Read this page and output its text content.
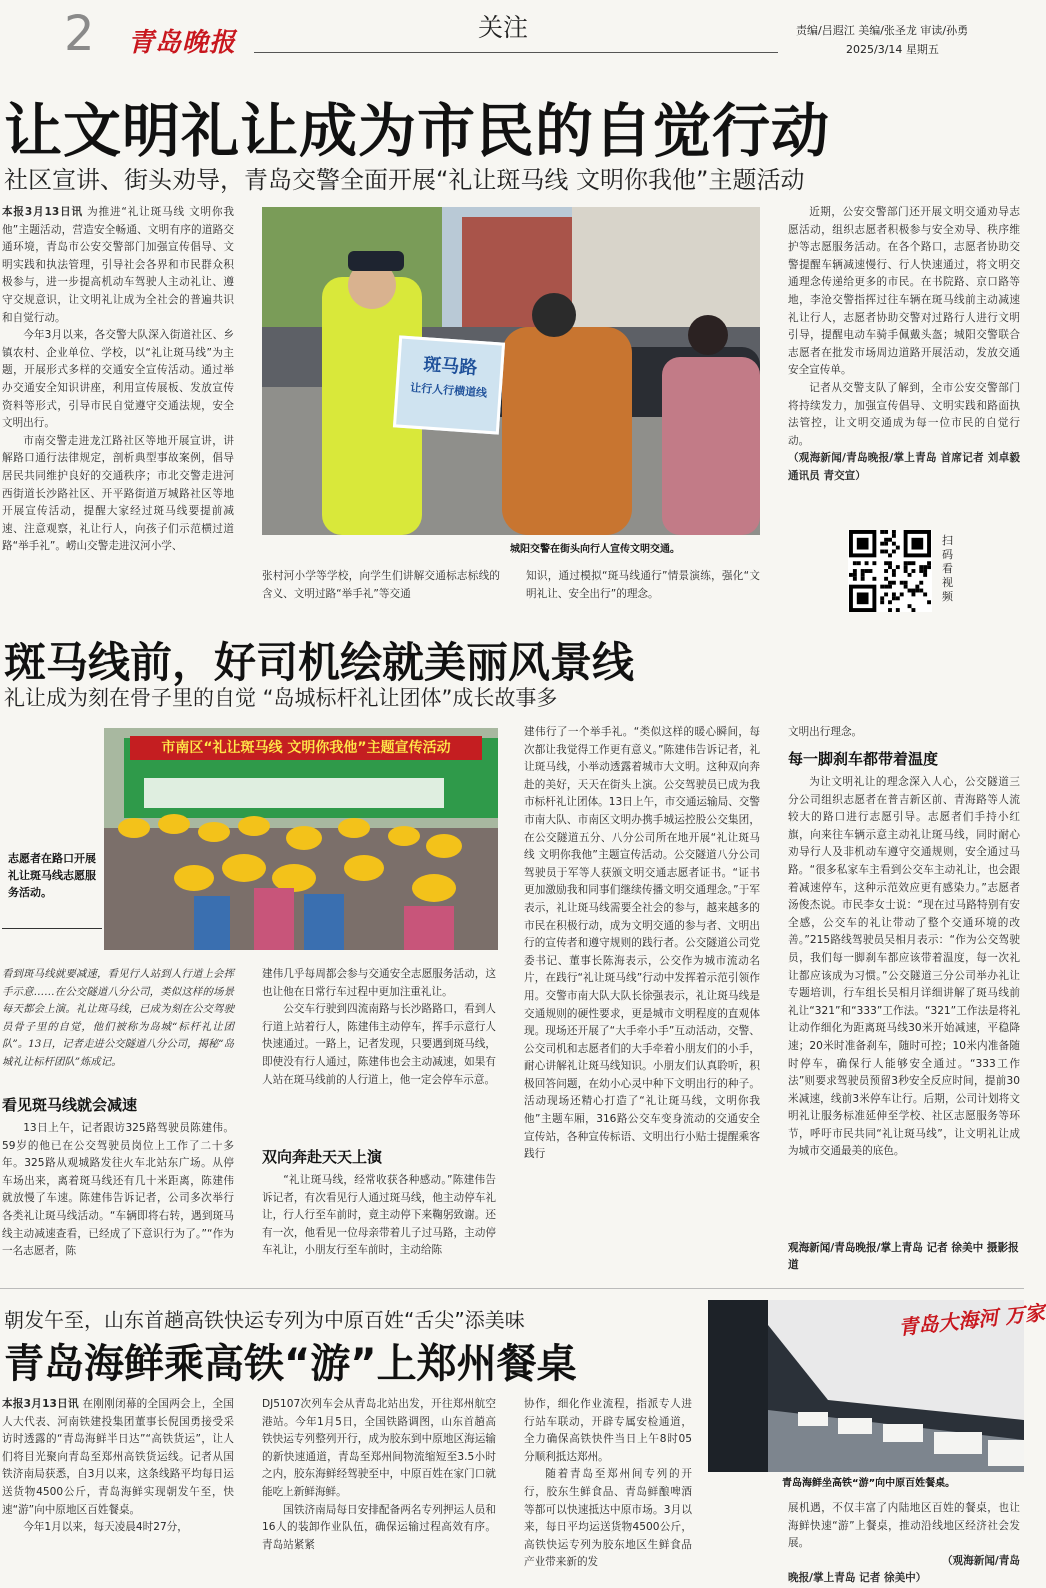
2 青岛晚报
关注	责编/吕遐江 美编/张圣龙 审读/孙勇
2025/3/14 星期五
让文明礼让成为市民的自觉行动
社区宣讲、街头劝导，青岛交警全面开展“礼让斑马线 文明你我他”主题活动

本报3月13日讯 为推进“礼让斑马线 文明你我他”主题活动，营造安全畅通、文明有序的道路交通环境，青岛市公安交警部门加强宣传倡导、文明实践和执法管理，引导社会各界和市民群众积极参与，进一步提高机动车驾驶人主动礼让、遵守交规意识，让文明礼让成为全社会的普遍共识和自觉行动。

今年3月以来，各交警大队深入街道社区、乡镇农村、企业单位、学校，以“礼让斑马线”为主题，开展形式多样的交通安全宣传活动。通过举办交通安全知识讲座，利用宣传展板、发放宣传资料等形式，引导市民自觉遵守交通法规，安全文明出行。

市南交警走进龙江路社区等地开展宣讲，讲解路口通行法律规定，剖析典型事故案例，倡导居民共同维护良好的交通秩序；市北交警走进河西街道长沙路社区、开平路街道万城路社区等地开展宣传活动，提醒大家经过斑马线要提前减速、注意观察，礼让行人，向孩子们示范横过道路“举手礼”。崂山交警走进汉河小学、

斑马路
让行人行横道线
城阳交警在街头向行人宣传文明交通。
张村河小学等学校，向学生们讲解交通标志标线的含义、文明过路“举手礼”等交通
知识，通过模拟“斑马线通行”情景演练，强化“文明礼让、安全出行”的理念。

近期，公安交警部门还开展文明交通劝导志愿活动，组织志愿者积极参与安全劝导、秩序维护等志愿服务活动。在各个路口，志愿者协助交警提醒车辆减速慢行、行人快速通过，将文明交通理念传递给更多的市民。在书院路、京口路等地，李沧交警指挥过往车辆在斑马线前主动减速礼让行人，志愿者协助交警对过路行人进行文明引导，提醒电动车骑手佩戴头盔；城阳交警联合志愿者在批发市场周边道路开展活动，发放交通安全宣传单。

记者从交警支队了解到，全市公安交警部门将持续发力，加强宣传倡导、文明实践和路面执法管控，让文明交通成为每一位市民的自觉行动。

（观海新闻/青岛晚报/掌上青岛 首席记者 刘卓毅 通讯员 青交宣）

扫码看视频
斑马线前，好司机绘就美丽风景线
礼让成为刻在骨子里的自觉 “岛城标杆礼让团体”成长故事多
志愿者在路口开展礼让斑马线志愿服务活动。
市南区“礼让斑马线 文明你我他”主题宣传活动
看到斑马线就要减速，看见行人站到人行道上会挥手示意……在公交隧道八分公司，类似这样的场景每天都会上演。礼让斑马线，已成为刻在公交驾驶员骨子里的自觉，他们被称为岛城“标杆礼让团队”。13日，记者走进公交隧道八分公司，揭秘“岛城礼让标杆团队”炼成记。
看见斑马线就会减速

13日上午，记者跟访325路驾驶员陈建伟。59岁的他已在公交驾驶员岗位上工作了二十多年。325路从观城路发往火车北站东广场。从停车场出来，离着斑马线还有几十米距离，陈建伟就放慢了车速。陈建伟告诉记者，公司多次举行各类礼让斑马线活动。“车辆即将右转，遇到斑马线主动减速查看，已经成了下意识行为了。”“作为一名志愿者，陈

建伟几乎每周都会参与交通安全志愿服务活动，这也让他在日常行车过程中更加注重礼让。

公交车行驶到四流南路与长沙路路口，看到人行道上站着行人，陈建伟主动停车，挥手示意行人快速通过。一路上，记者发现，只要遇到斑马线，即使没有行人通过，陈建伟也会主动减速，如果有人站在斑马线前的人行道上，他一定会停车示意。

双向奔赴天天上演

“礼让斑马线，经常收获各种感动。”陈建伟告诉记者，有次看见行人通过斑马线，他主动停车礼让，行人行至车前时，竟主动停下来鞠躬致谢。还有一次，他看见一位母亲带着儿子过马路，主动停车礼让，小朋友行至车前时，主动给陈

建伟行了一个举手礼。“类似这样的暖心瞬间，每次都让我觉得工作更有意义。”陈建伟告诉记者，礼让斑马线，小举动透露着城市大文明。这种双向奔赴的美好，天天在街头上演。公交驾驶员已成为我市标杆礼让团体。13日上午，市交通运输局、交警市南大队、市南区文明办携手城运控股公交集团，在公交隧道五分、八分公司所在地开展“礼让斑马线 文明你我他”主题宣传活动。公交隧道八分公司驾驶员于军等人获颁文明交通志愿者证书。“证书更加激励我和同事们继续传播文明交通理念。”于军表示，礼让斑马线需要全社会的参与，越来越多的市民在积极行动，成为文明交通的参与者、文明出行的宣传者和遵守规则的践行者。公交隧道公司党委书记、董事长陈海表示，公交作为城市流动名片，在践行“礼让斑马线”行动中发挥着示范引领作用。交警市南大队大队长徐强表示，礼让斑马线是交通规则的硬性要求，更是城市文明程度的直观体现。现场还开展了“大手牵小手”互动活动，交警、公交司机和志愿者们的大手牵着小朋友们的小手，耐心讲解礼让斑马线知识。小朋友们认真聆听，积极回答问题，在幼小心灵中种下文明出行的种子。活动现场还精心打造了“礼让斑马线，文明你我他”主题车厢，316路公交车变身流动的交通安全宣传站，各种宣传标语、文明出行小贴士提醒乘客践行

文明出行理念。
每一脚刹车都带着温度

为让文明礼让的理念深入人心，公交隧道三分公司组织志愿者在普吉新区前、青海路等人流较大的路口进行志愿引导。志愿者们手持小红旗，向来往车辆示意主动礼让斑马线，同时耐心劝导行人及非机动车遵守交通规则，安全通过马路。“很多私家车主看到公交车主动礼让，也会跟着减速停车，这种示范效应更有感染力。”志愿者汤俊杰说。市民李女士说：“现在过马路特别有安全感，公交车的礼让带动了整个交通环境的改善。”215路线驾驶员吴相月表示：“作为公交驾驶员，我们每一脚刹车都应该带着温度，每一次礼让都应该成为习惯。”公交隧道三分公司举办礼让专题培训，行车组长吴相月详细讲解了斑马线前礼让“321”和“333”工作法。“321”工作法是将礼让动作细化为距离斑马线30米开始减速，平稳降速；20米时准备刹车，随时可控；10米内准备随时停车，确保行人能够安全通过。“333工作法”则要求驾驶员预留3秒安全反应时间，提前30米减速，线前3米停车让行。后期，公司计划将文明礼让服务标准延伸至学校、社区志愿服务等环节，呼吁市民共同“礼让斑马线”，让文明礼让成为城市交通最美的底色。

观海新闻/青岛晚报/掌上青岛 记者 徐美中 摄影报道
朝发午至，山东首趟高铁快运专列为中原百姓“舌尖”添美味
青岛海鲜乘高铁“游”上郑州餐桌
青岛大海河 万家
青岛海鲜坐高铁“游”向中原百姓餐桌。

本报3月13日讯 在刚刚闭幕的全国两会上，全国人大代表、河南铁建投集团董事长倪国勇接受采访时透露的“青岛海鲜半日达”“高铁货运”，让人们将目光聚向青岛至郑州高铁货运线。记者从国铁济南局获悉，自3月以来，这条线路平均每日运送货物4500公斤，青岛海鲜实现朝发午至，快速“游”向中原地区百姓餐桌。

今年1月以来，每天凌晨4时27分，

DJ5107次列车会从青岛北站出发，开往郑州航空港站。今年1月5日，全国铁路调图，山东首趟高铁快运专列整列开行，成为胶东到中原地区海运输的新快速通道，青岛至郑州间物流缩短至3.5小时之内，胶东海鲜经驾驶至中，中原百姓在家门口就能吃上新鲜海鲜。

国铁济南局每日安排配备两名专列押运人员和16人的装卸作业队伍，确保运输过程高效有序。青岛站紧紧

协作，细化作业流程，指派专人进行站车联动，开辟专属安检通道，全力确保高铁快件当日上午8时05分顺利抵达郑州。

随着青岛至郑州间专列的开行，胶东生鲜食品、青岛鲜酿啤酒等都可以快速抵达中原市场。3月以来，每日平均运送货物4500公斤，高铁快运专列为胶东地区生鲜食品产业带来新的发

展机遇，不仅丰富了内陆地区百姓的餐桌，也让海鲜快速“游”上餐桌，推动沿线地区经济社会发展。

（观海新闻/青岛

晚报/掌上青岛 记者 徐美中）
